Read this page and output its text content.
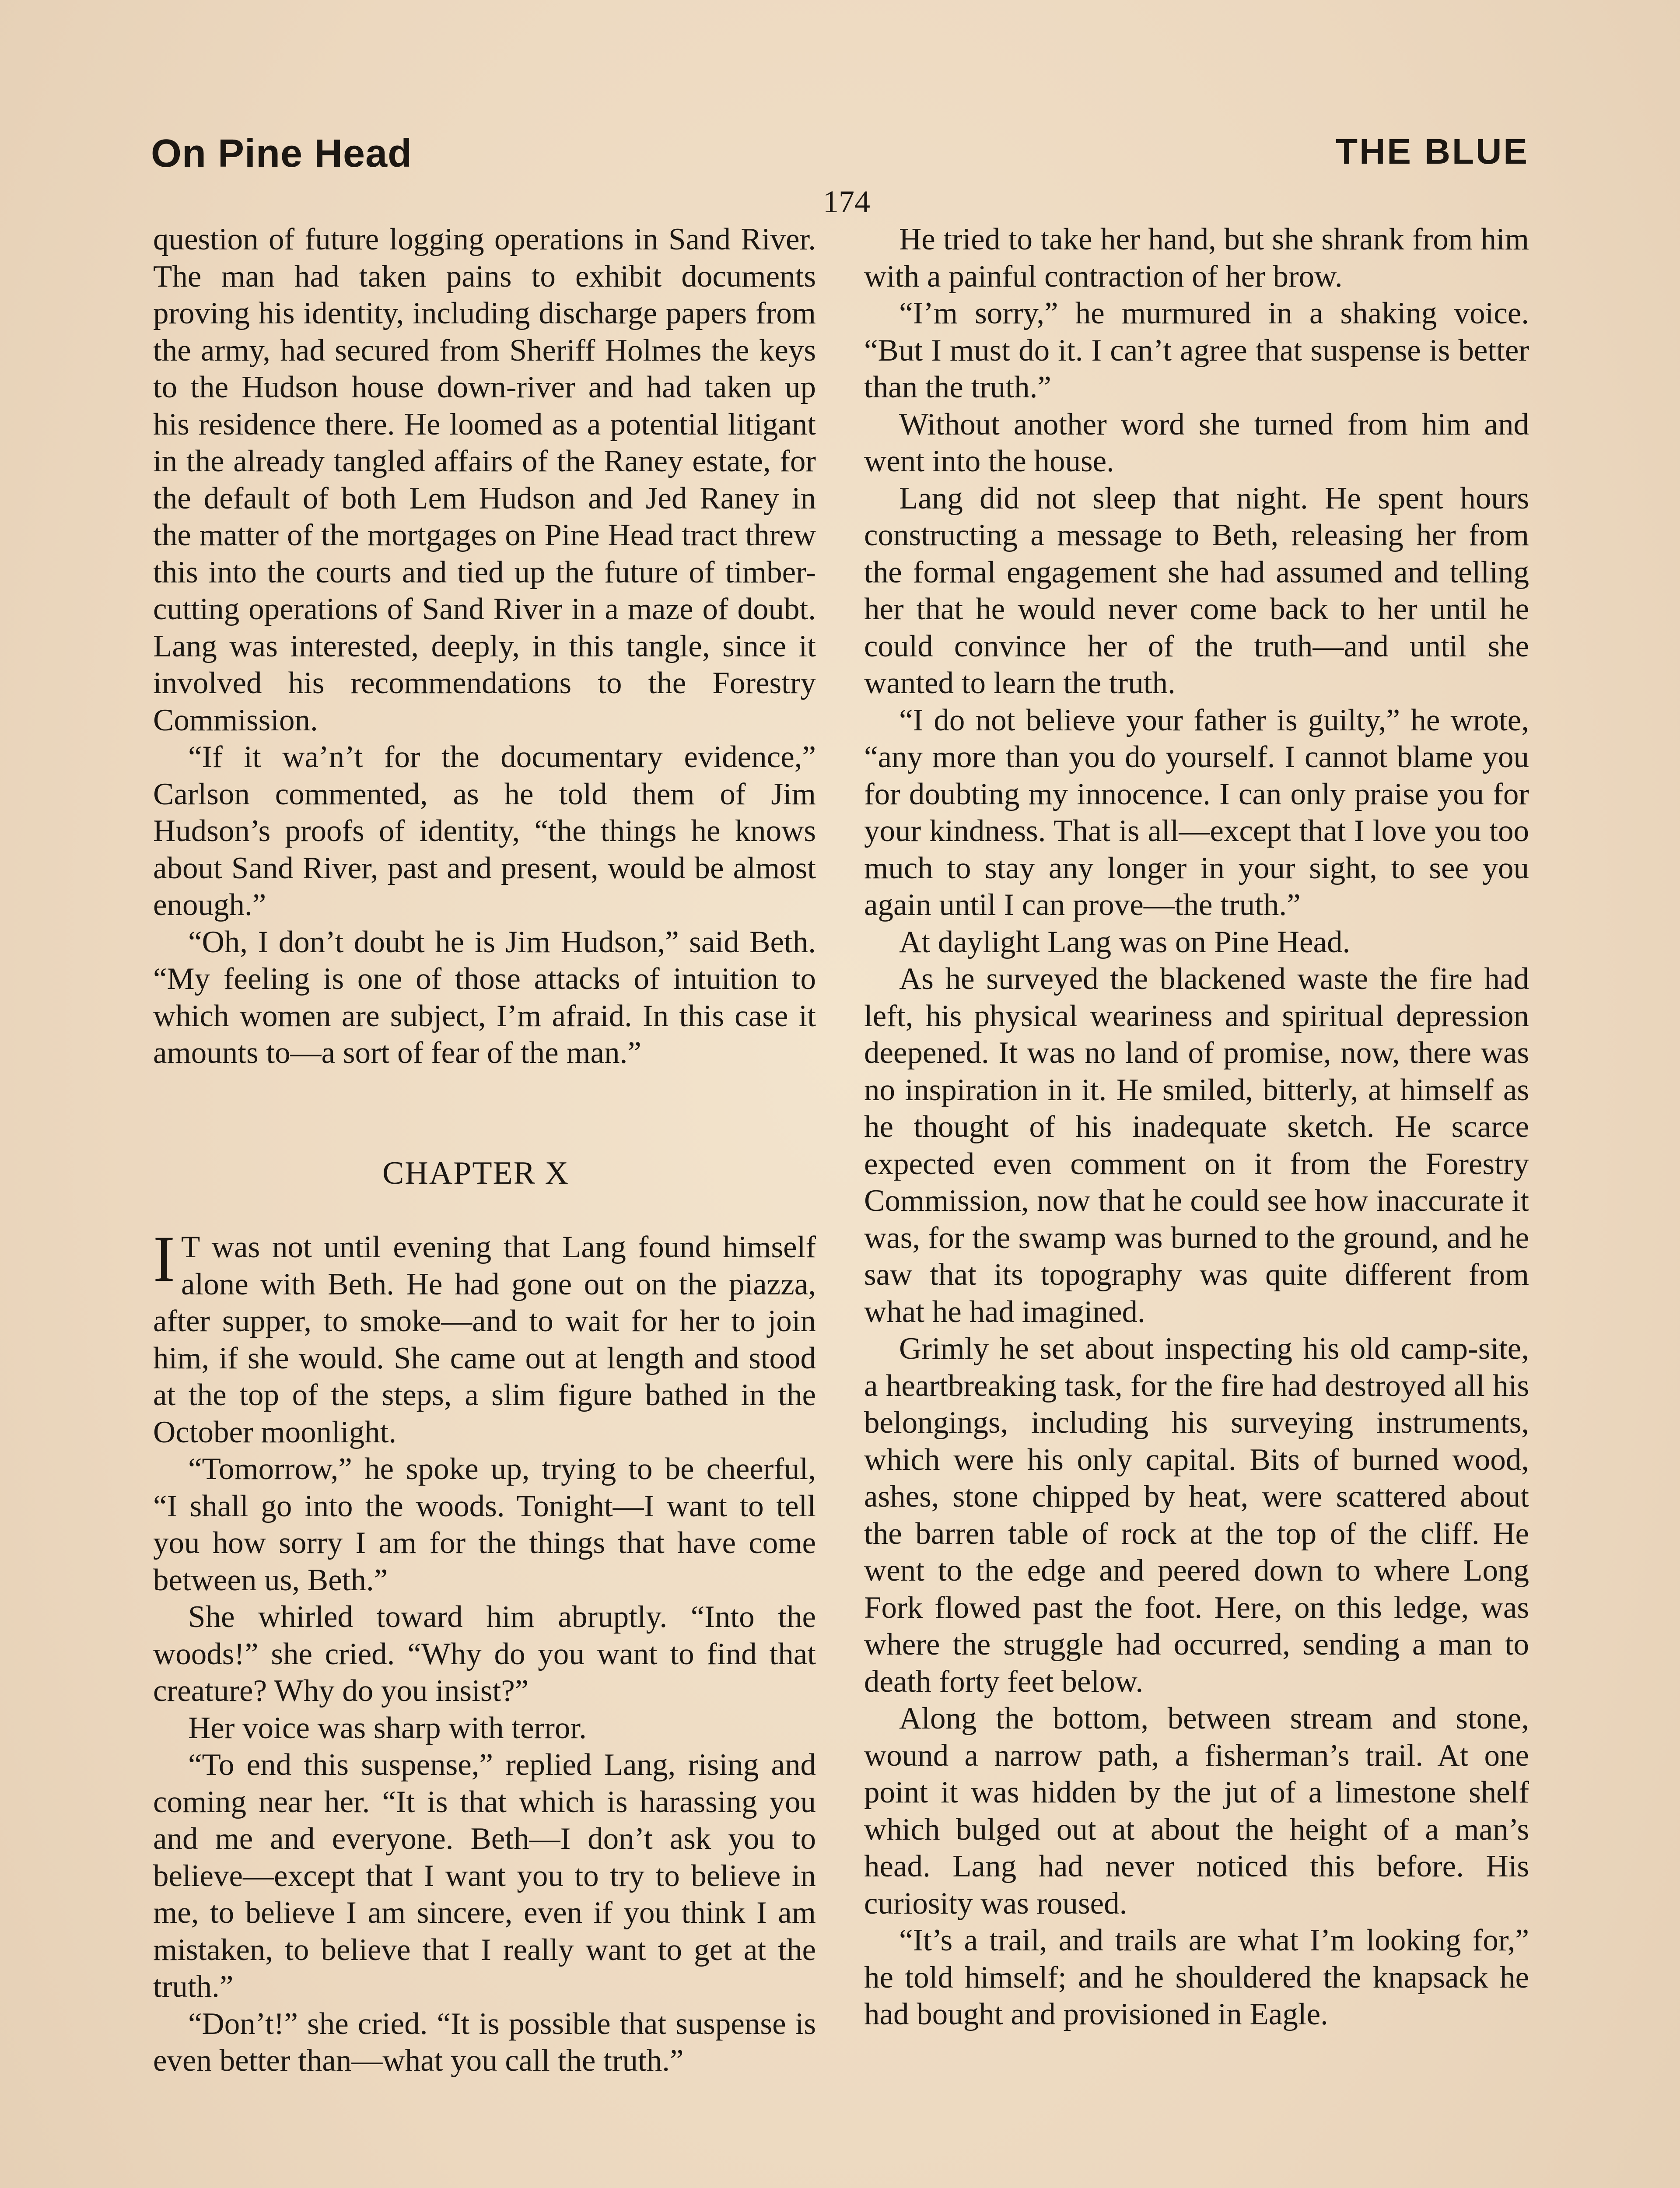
On Pine Head	THE BLUE
174

question of future logging operations in Sand River. The man had taken pains to exhibit documents proving his identity, including discharge papers from the army, had secured from Sheriff Holmes the keys to the Hudson house down-river and had taken up his residence there. He loomed as a potential litigant in the already tangled affairs of the Raney estate, for the default of both Lem Hudson and Jed Raney in the matter of the mortgages on Pine Head tract threw this into the courts and tied up the future of timber-cutting operations of Sand River in a maze of doubt. Lang was interested, deeply, in this tangle, since it involved his recommendations to the Forestry Commission.

“If it wa’n’t for the documentary evidence,” Carlson commented, as he told them of Jim Hudson’s proofs of identity, “the things he knows about Sand River, past and present, would be almost enough.”

“Oh, I don’t doubt he is Jim Hudson,” said Beth. “My feeling is one of those attacks of intuition to which women are subject, I’m afraid. In this case it amounts to—a sort of fear of the man.”

CHAPTER X

I T was not until evening that Lang found himself alone with Beth. He had gone out on the piazza, after supper, to smoke—and to wait for her to join him, if she would. She came out at length and stood at the top of the steps, a slim figure bathed in the October moonlight.

“Tomorrow,” he spoke up, trying to be cheerful, “I shall go into the woods. Tonight—I want to tell you how sorry I am for the things that have come between us, Beth.”

She whirled toward him abruptly. “Into the woods!” she cried. “Why do you want to find that creature? Why do you insist?”

Her voice was sharp with terror.

“To end this suspense,” replied Lang, rising and coming near her. “It is that which is harassing you and me and everyone. Beth—I don’t ask you to believe—except that I want you to try to believe in me, to believe I am sincere, even if you think I am mistaken, to believe that I really want to get at the truth.”

“Don’t!” she cried. “It is possible that suspense is even better than—what you call the truth.”

He tried to take her hand, but she shrank from him with a painful contraction of her brow.

“I’m sorry,” he murmured in a shaking voice. “But I must do it. I can’t agree that suspense is better than the truth.”

Without another word she turned from him and went into the house.

Lang did not sleep that night. He spent hours constructing a message to Beth, releasing her from the formal engagement she had assumed and telling her that he would never come back to her until he could convince her of the truth—and until she wanted to learn the truth.

“I do not believe your father is guilty,” he wrote, “any more than you do yourself. I cannot blame you for doubting my innocence. I can only praise you for your kindness. That is all—except that I love you too much to stay any longer in your sight, to see you again until I can prove—the truth.”

At daylight Lang was on Pine Head.

As he surveyed the blackened waste the fire had left, his physical weariness and spiritual depression deepened. It was no land of promise, now, there was no inspiration in it. He smiled, bitterly, at himself as he thought of his inadequate sketch. He scarce expected even comment on it from the Forestry Commission, now that he could see how inaccurate it was, for the swamp was burned to the ground, and he saw that its topography was quite different from what he had imagined.

Grimly he set about inspecting his old camp-site, a heartbreaking task, for the fire had destroyed all his belongings, including his surveying instruments, which were his only capital. Bits of burned wood, ashes, stone chipped by heat, were scattered about the barren table of rock at the top of the cliff. He went to the edge and peered down to where Long Fork flowed past the foot. Here, on this ledge, was where the struggle had occurred, sending a man to death forty feet below.

Along the bottom, between stream and stone, wound a narrow path, a fisherman’s trail. At one point it was hidden by the jut of a limestone shelf which bulged out at about the height of a man’s head. Lang had never noticed this before. His curiosity was roused.

“It’s a trail, and trails are what I’m looking for,” he told himself; and he shouldered the knapsack he had bought and provisioned in Eagle.
